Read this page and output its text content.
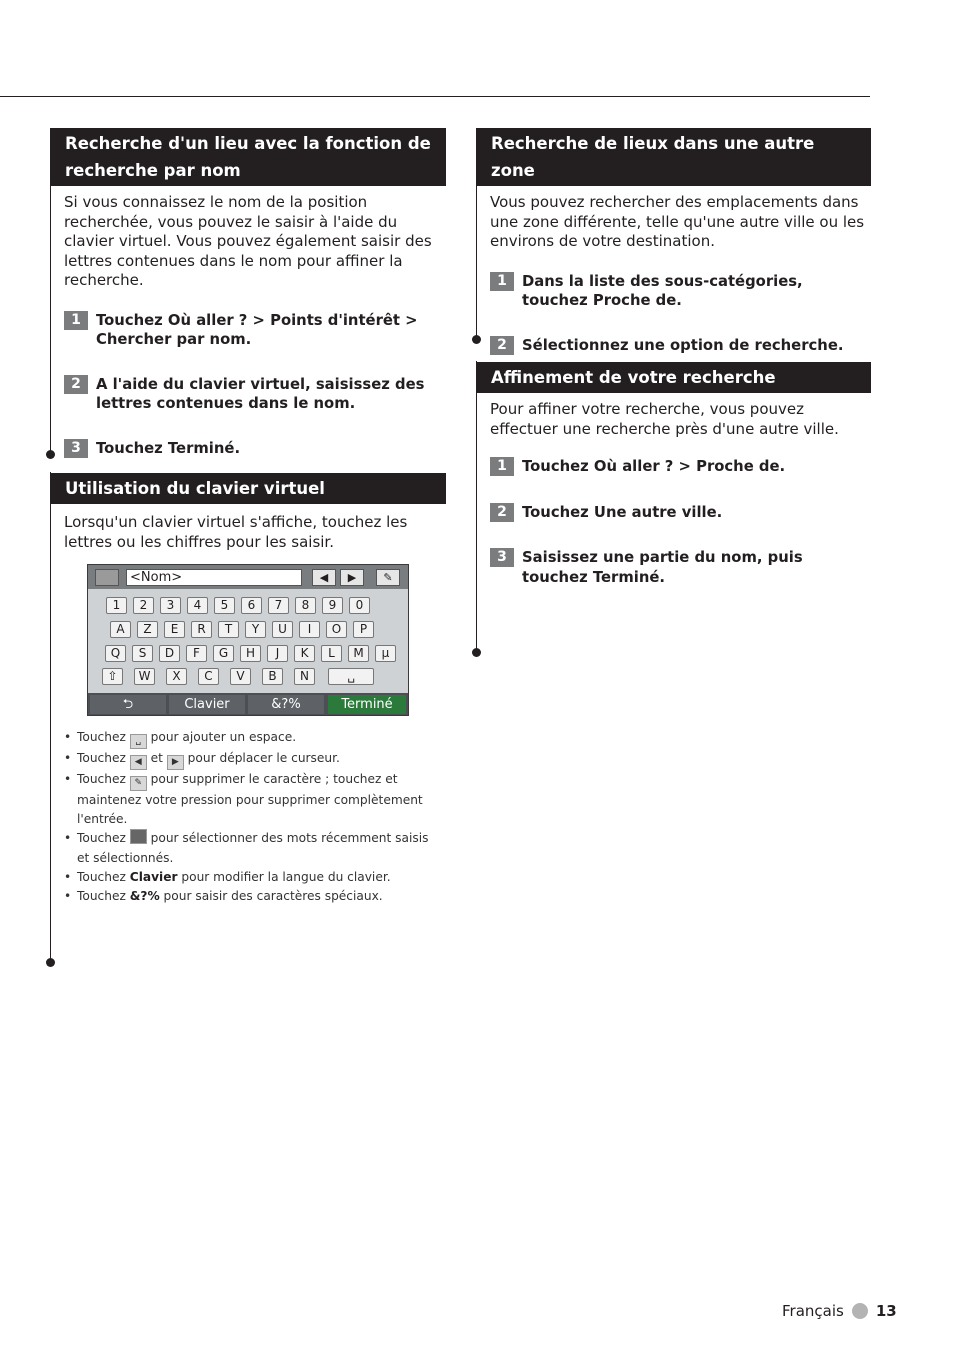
Recherche d'un lieu avec la fonction de recherche par nom

Si vous connaissez le nom de la position recherchée, vous pouvez le saisir à l'aide du clavier virtuel. Vous pouvez également saisir des lettres contenues dans le nom pour affiner la recherche.

1	Touchez Où aller ? > Points d'intérêt > Chercher par nom.
2	A l'aide du clavier virtuel, saisissez des lettres contenues dans le nom.
3	Touchez Terminé.
Utilisation du clavier virtuel

Lorsqu'un clavier virtuel s'affiche, touchez les lettres ou les chiffres pour les saisir.

<Nom>	◀	▶	✎
1	2	3	4	5	6	7	8	9	0
A	Z	E	R	T	Y	U	I	O	P
Q	S	D	F	G	H	J	K	L	M	µ
⇧	W	X	C	V	B	N	␣
⮌	Clavier	&?%	Terminé
• Touchez ␣ pour ajouter un espace.
• Touchez ◀ et ▶ pour déplacer le curseur.
• Touchez ✎ pour supprimer le caractère ; touchez et maintenez votre pression pour supprimer complètement l'entrée.
• Touchez pour sélectionner des mots récemment saisis et sélectionnés.
• Touchez Clavier pour modifier la langue du clavier.
• Touchez &?% pour saisir des caractères spéciaux.
Recherche de lieux dans une autre zone

Vous pouvez rechercher des emplacements dans une zone différente, telle qu'une autre ville ou les environs de votre destination.

1	Dans la liste des sous-catégories, touchez Proche de.
2	Sélectionnez une option de recherche.
Affinement de votre recherche

Pour affiner votre recherche, vous pouvez effectuer une recherche près d'une autre ville.

1	Touchez Où aller ? > Proche de.
2	Touchez Une autre ville.
3	Saisissez une partie du nom, puis touchez Terminé.
Français 13
